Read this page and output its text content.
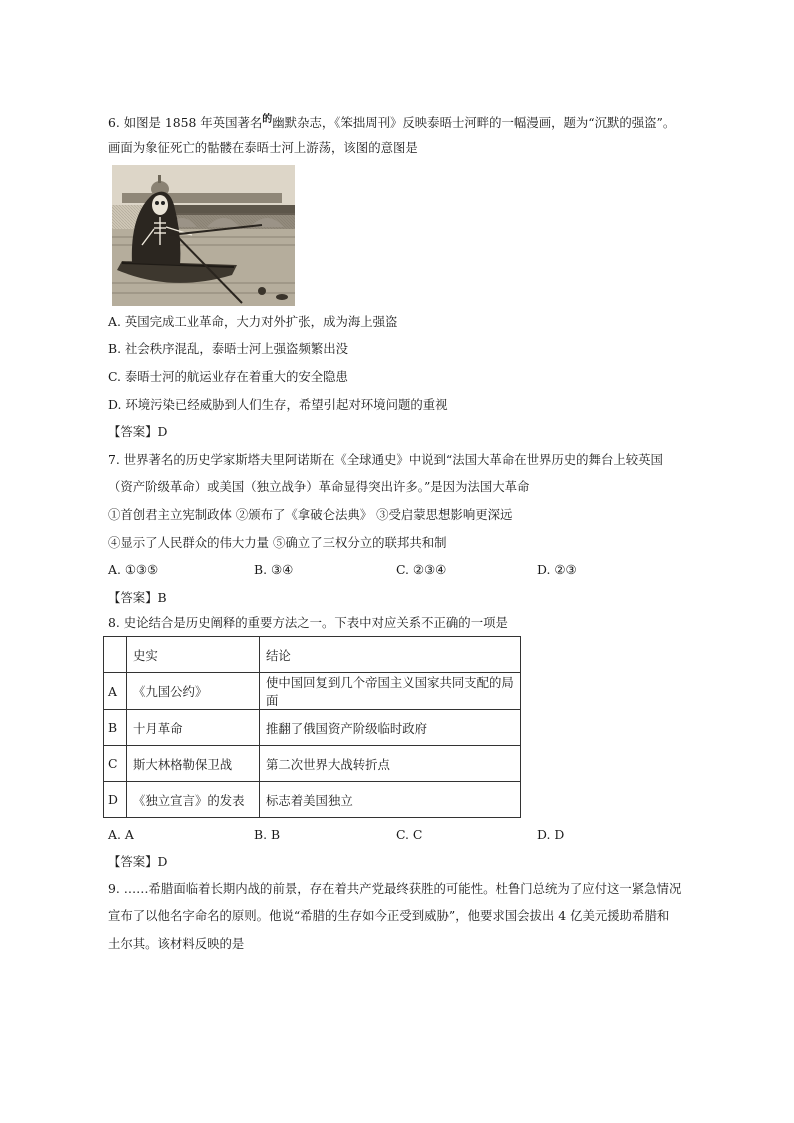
6. 如图是 1858 年英国著名$^的$幽默杂志，《笨拙周刊》反映泰晤士河畔的一幅漫画，题为“沉默的强盗”。
画面为象征死亡的骷髅在泰晤士河上游荡，该图的意图是
A. 英国完成工业革命，大力对外扩张，成为海上强盗
B. 社会秩序混乱，泰晤士河上强盗频繁出没
C. 泰晤士河的航运业存在着重大的安全隐患
D. 环境污染已经威胁到人们生存，希望引起对环境问题的重视
【答案】D
7. 世界著名的历史学家斯塔夫里阿诺斯在《全球通史》中说到“法国大革命在世界历史的舞台上较英国
（资产阶级革命）或美国（独立战争）革命显得突出许多。”是因为法国大革命
①首创君主立宪制政体 ②颁布了《拿破仑法典》 ③受启蒙思想影响更深远
④显示了人民群众的伟大力量 ⑤确立了三权分立的联邦共和制
A. ①③⑤	B. ③④	C. ②③④	D. ②③
【答案】B
8. 史论结合是历史阐释的重要方法之一。下表中对应关系不正确的一项是
	史实	结论
A	《九国公约》	使中国回复到几个帝国主义国家共同支配的局面
B	十月革命	推翻了俄国资产阶级临时政府
C	斯大林格勒保卫战	第二次世界大战转折点
D	《独立宣言》的发表	标志着美国独立
A. A	B. B	C. C	D. D
【答案】D
9. ……希腊面临着长期内战的前景，存在着共产党最终获胜的可能性。杜鲁门总统为了应付这一紧急情况
宣布了以他名字命名的原则。他说“希腊的生存如今正受到威胁”，他要求国会拔出 4 亿美元援助希腊和
土尔其。该材料反映的是
